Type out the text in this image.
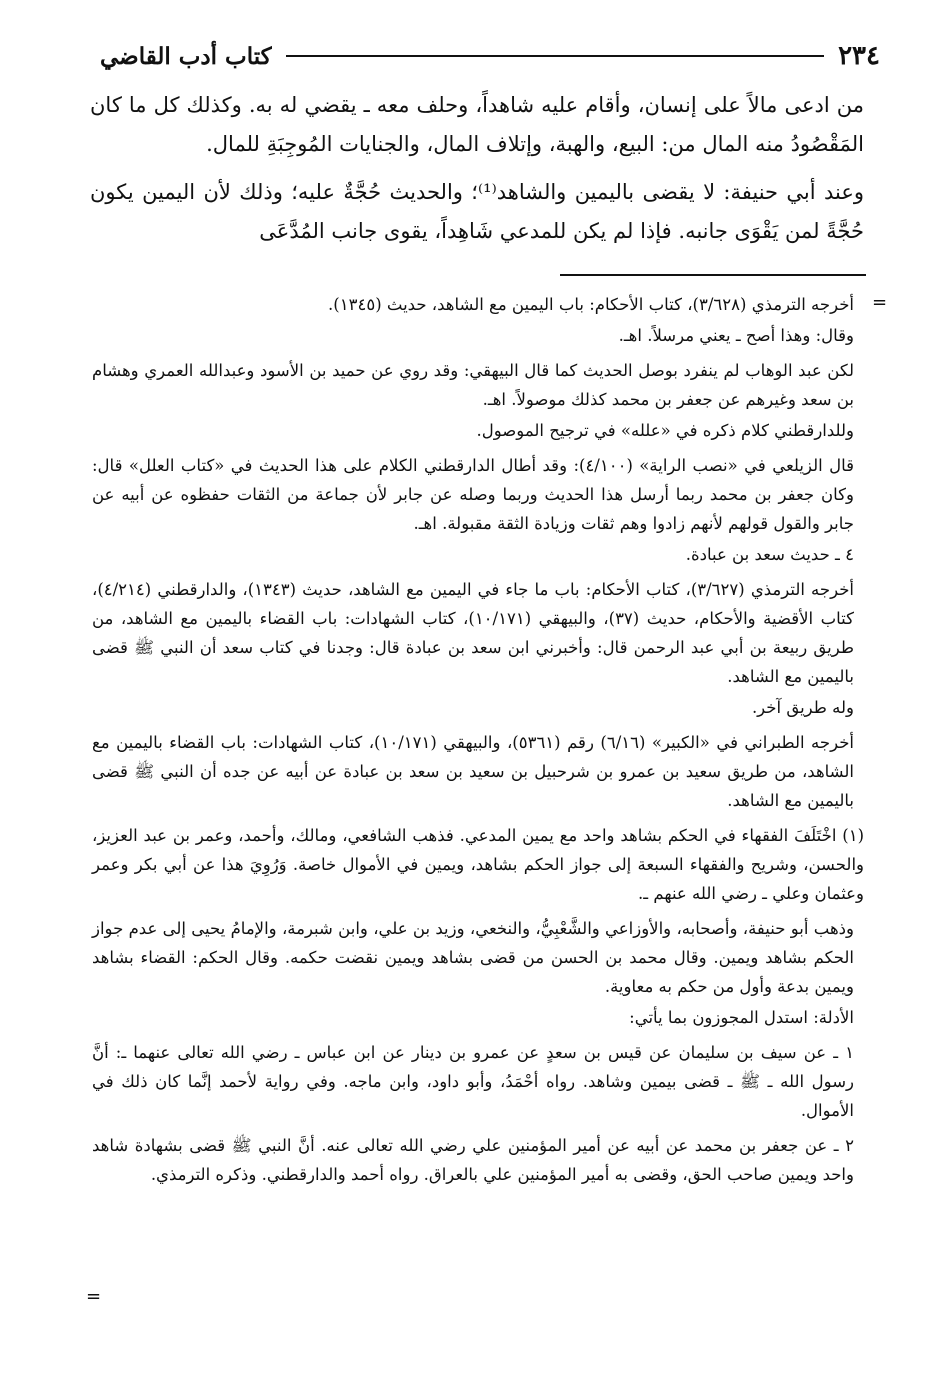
٢٣٤
كتاب أدب القاضي

من ادعى مالاً على إنسان، وأقام عليه شاهداً، وحلف معه ـ يقضي له به. وكذلك كل ما كان المَقْصُودُ منه المال من: البيع، والهبة، وإتلاف المال، والجنايات المُوجِبَةِ للمال.

وعند أبي حنيفة: لا يقضى باليمين والشاهد⁽¹⁾؛ والحديث حُجَّةٌ عليه؛ وذلك لأن اليمين يكون حُجَّةً لمن يَقْوَى جانبه. فإذا لم يكن للمدعي شَاهِداً، يقوى جانب المُدَّعَى

=

أخرجه الترمذي (٣/٦٢٨)، كتاب الأحكام: باب اليمين مع الشاهد، حديث (١٣٤٥).

وقال: وهذا أصح ـ يعني مرسلاً. اهـ.

لكن عبد الوهاب لم ينفرد بوصل الحديث كما قال البيهقي: وقد روي عن حميد بن الأسود وعبدالله العمري وهشام بن سعد وغيرهم عن جعفر بن محمد كذلك موصولاً. اهـ.

وللدارقطني كلام ذكره في «علله» في ترجيح الموصول.

قال الزيلعي في «نصب الراية» (٤/١٠٠): وقد أطال الدارقطني الكلام على هذا الحديث في «كتاب العلل» قال: وكان جعفر بن محمد ربما أرسل هذا الحديث وربما وصله عن جابر لأن جماعة من الثقات حفظوه عن أبيه عن جابر والقول قولهم لأنهم زادوا وهم ثقات وزيادة الثقة مقبولة. اهـ.

٤ ـ حديث سعد بن عبادة.

أخرجه الترمذي (٣/٦٢٧)، كتاب الأحكام: باب ما جاء في اليمين مع الشاهد، حديث (١٣٤٣)، والدارقطني (٤/٢١٤)، كتاب الأقضية والأحكام، حديث (٣٧)، والبيهقي (١٠/١٧١)، كتاب الشهادات: باب القضاء باليمين مع الشاهد، من طريق ربيعة بن أبي عبد الرحمن قال: وأخبرني ابن سعد بن عبادة قال: وجدنا في كتاب سعد أن النبي ﷺ قضى باليمين مع الشاهد.

وله طريق آخر.

أخرجه الطبراني في «الكبير» (٦/١٦) رقم (٥٣٦١)، والبيهقي (١٠/١٧١)، كتاب الشهادات: باب القضاء باليمين مع الشاهد، من طريق سعيد بن عمرو بن شرحبيل بن سعيد بن سعد بن عبادة عن أبيه عن جده أن النبي ﷺ قضى باليمين مع الشاهد.

(١) اخْتَلَفَ الفقهاء في الحكم بشاهد واحد مع يمين المدعي. فذهب الشافعي، ومالك، وأحمد، وعمر بن عبد العزيز، والحسن، وشريح والفقهاء السبعة إلى جواز الحكم بشاهد، ويمين في الأموال خاصة. وَرُوِيَ هذا عن أبي بكر وعمر وعثمان وعلي ـ رضي الله عنهم ـ.

وذهب أبو حنيفة، وأصحابه، والأوزاعي والشَّعْبِيُّ، والنخعي، وزيد بن علي، وابن شبرمة، والإمامُ يحيى إلى عدم جواز الحكم بشاهد ويمين. وقال محمد بن الحسن من قضى بشاهد ويمين نقضت حكمه. وقال الحكم: القضاء بشاهد ويمين بدعة وأول من حكم به معاوية.

الأدلة: استدل المجوزون بما يأتي:

١ ـ عن سيف بن سليمان عن قيس بن سعدٍ عن عمرو بن دينار عن ابن عباس ـ رضي الله تعالى عنهما ـ: أنَّ رسول الله ـ ﷺ ـ قضى بيمين وشاهد. رواه أحْمَدُ، وأبو داود، وابن ماجه. وفي رواية لأحمد إنَّما كان ذلك في الأموال.

٢ ـ عن جعفر بن محمد عن أبيه عن أمير المؤمنين علي رضي الله تعالى عنه. أنَّ النبي ﷺ قضى بشهادة شاهد واحد ويمين صاحب الحق، وقضى به أمير المؤمنين علي بالعراق. رواه أحمد والدارقطني. وذكره الترمذي.

=
